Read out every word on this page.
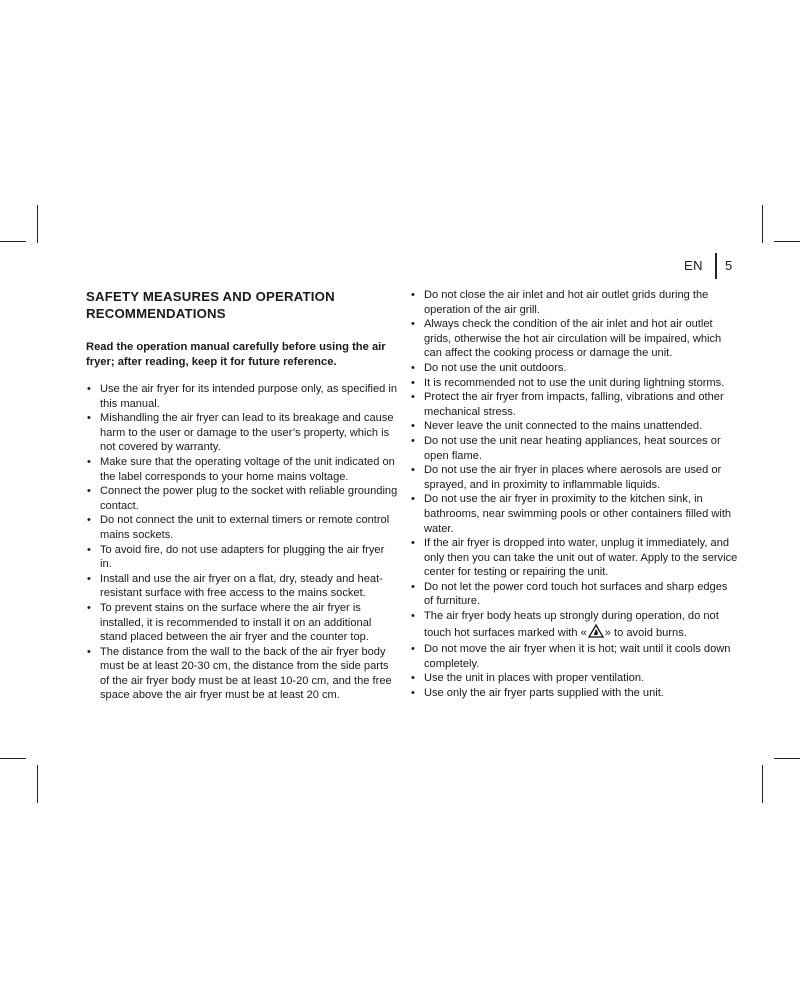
EN 5
SAFETY MEASURES AND OPERATION
RECOMMENDATIONS

Read the operation manual carefully before using the air fryer; after reading, keep it for future reference.

• Use the air fryer for its intended purpose only, as specified in this manual.
• Mishandling the air fryer can lead to its breakage and cause harm to the user or damage to the user’s property, which is not covered by warranty.
• Make sure that the operating voltage of the unit indicated on the label corresponds to your home mains voltage.
• Connect the power plug to the socket with reliable grounding contact.
• Do not connect the unit to external timers or remote control mains sockets.
• To avoid fire, do not use adapters for plugging the air fryer in.
• Install and use the air fryer on a flat, dry, steady and heat-resistant surface with free access to the mains socket.
• To prevent stains on the surface where the air fryer is installed, it is recommended to install it on an additional stand placed between the air fryer and the counter top.
• The distance from the wall to the back of the air fryer body must be at least 20-30 cm, the distance from the side parts of the air fryer body must be at least 10-20 cm, and the free space above the air fryer must be at least 20 cm.
• Do not close the air inlet and hot air outlet grids during the operation of the air grill.
• Always check the condition of the air inlet and hot air outlet grids, otherwise the hot air circulation will be impaired, which can affect the cooking process or damage the unit.
• Do not use the unit outdoors.
• It is recommended not to use the unit during lightning storms.
• Protect the air fryer from impacts, falling, vibrations and other mechanical stress.
• Never leave the unit connected to the mains unattended.
• Do not use the unit near heating appliances, heat sources or open flame.
• Do not use the air fryer in places where aerosols are used or sprayed, and in proximity to inflammable liquids.
• Do not use the air fryer in proximity to the kitchen sink, in bathrooms, near swimming pools or other containers filled with water.
• If the air fryer is dropped into water, unplug it immediately, and only then you can take the unit out of water. Apply to the service center for testing or repairing the unit.
• Do not let the power cord touch hot surfaces and sharp edges of furniture.
• The air fryer body heats up strongly during operation, do not touch hot surfaces marked with « » to avoid burns.
• Do not move the air fryer when it is hot; wait until it cools down completely.
• Use the unit in places with proper ventilation.
• Use only the air fryer parts supplied with the unit.
